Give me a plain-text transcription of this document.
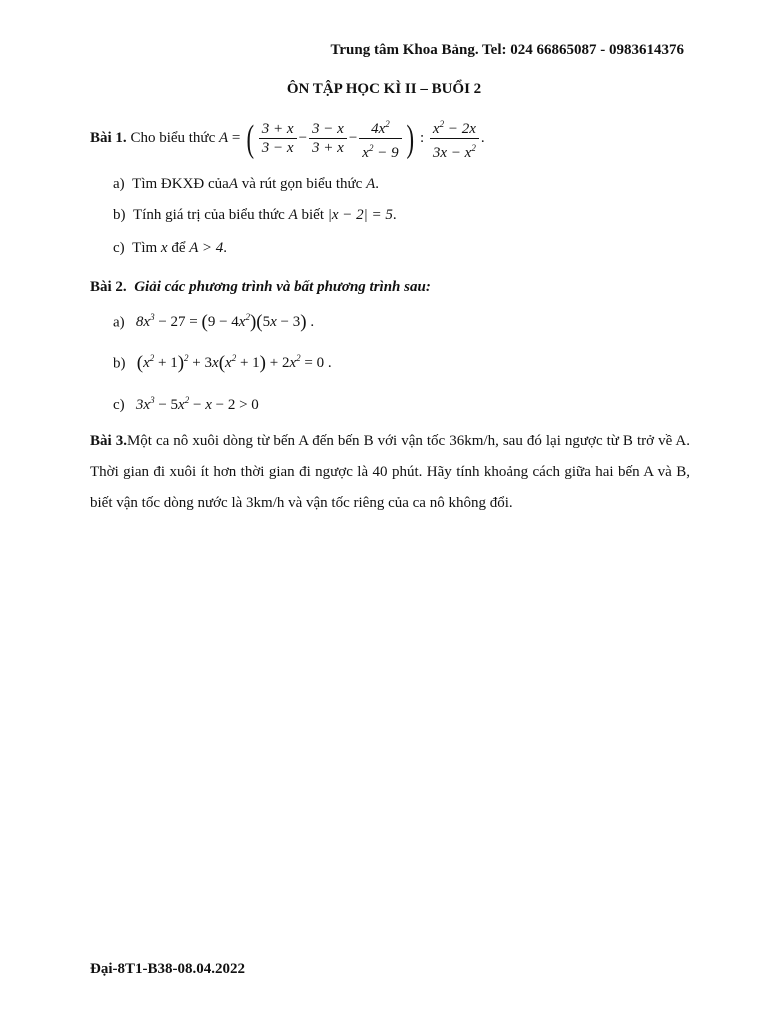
Trung tâm Khoa Bảng. Tel: 024 66865087 - 0983614376
ÔN TẬP HỌC KÌ II – BUỔI 2
Bài 1. Cho biểu thức A = ( $\frac{3 + x}{3 - x} - \frac{3 - x}{3 + x} - \frac{4x^2}{x^2 - 9}$ ) : $\frac{x^2 - 2x}{3x - x^2}$ .
a) Tìm ĐKXĐ củaA và rút gọn biểu thức A.
b) Tính giá trị của biểu thức A biết |x − 2| = 5.
c) Tìm x để A > 4.
Bài 2. Giải các phương trình và bất phương trình sau:
a) $8x^3 - 27 = (9 - 4x^2)(5x - 3)$ .
b) $(x^2 + 1)^2 + 3x(x^2 + 1) + 2x^2 = 0$ .
c) $3x^3 - 5x^2 - x - 2 > 0$
Bài 3.Một ca nô xuôi dòng từ bến A đến bến B với vận tốc 36km/h, sau đó lại ngược từ B trở về A. Thời gian đi xuôi ít hơn thời gian đi ngược là 40 phút. Hãy tính khoảng cách giữa hai bến A và B, biết vận tốc dòng nước là 3km/h và vận tốc riêng của ca nô không đổi.
Đại-8T1-B38-08.04.2022
